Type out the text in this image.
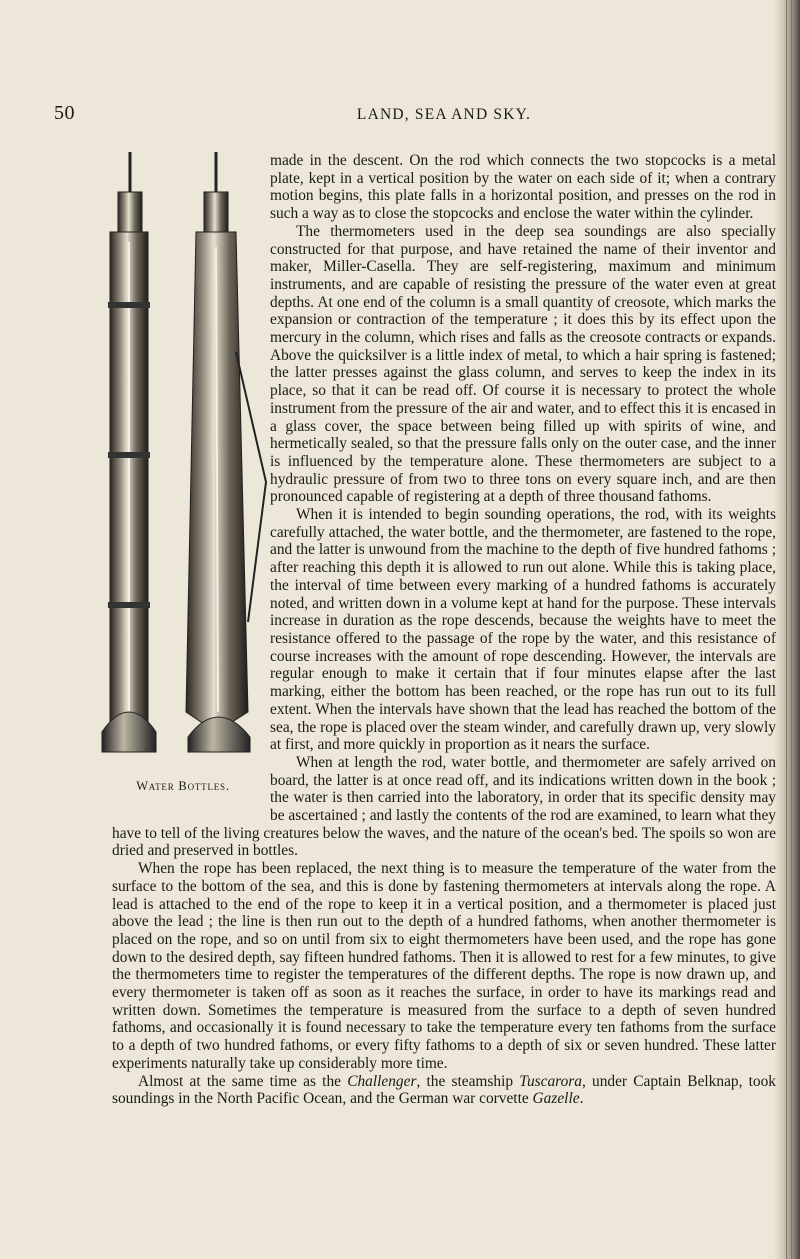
50	LAND, SEA AND SKY.
Water Bottles.

made in the descent. On the rod which connects the two stopcocks is a metal plate, kept in a vertical position by the water on each side of it; when a contrary motion begins, this plate falls in a horizontal position, and presses on the rod in such a way as to close the stopcocks and enclose the water within the cylinder.

The thermometers used in the deep sea soundings are also specially constructed for that purpose, and have retained the name of their inventor and maker, Miller-Casella. They are self-registering, maximum and minimum instruments, and are capable of resisting the pressure of the water even at great depths. At one end of the column is a small quantity of creosote, which marks the expansion or contraction of the temperature ; it does this by its effect upon the mercury in the column, which rises and falls as the creosote contracts or expands. Above the quicksilver is a little index of metal, to which a hair spring is fastened; the latter presses against the glass column, and serves to keep the index in its place, so that it can be read off. Of course it is necessary to protect the whole instrument from the pressure of the air and water, and to effect this it is encased in a glass cover, the space between being filled up with spirits of wine, and hermetically sealed, so that the pressure falls only on the outer case, and the inner is influenced by the temperature alone. These thermometers are subject to a hydraulic pressure of from two to three tons on every square inch, and are then pronounced capable of registering at a depth of three thousand fathoms.

When it is intended to begin sounding operations, the rod, with its weights carefully attached, the water bottle, and the thermometer, are fastened to the rope, and the latter is unwound from the machine to the depth of five hundred fathoms ; after reaching this depth it is allowed to run out alone. While this is taking place, the interval of time between every marking of a hundred fathoms is accurately noted, and written down in a volume kept at hand for the purpose. These intervals increase in duration as the rope descends, because the weights have to meet the resistance offered to the passage of the rope by the water, and this resistance of course increases with the amount of rope descending. However, the intervals are regular enough to make it certain that if four minutes elapse after the last marking, either the bottom has been reached, or the rope has run out to its full extent. When the intervals have shown that the lead has reached the bottom of the sea, the rope is placed over the steam winder, and carefully drawn up, very slowly at first, and more quickly in proportion as it nears the surface.

When at length the rod, water bottle, and thermometer are safely arrived on board, the latter is at once read off, and its indications written down in the book ; the water is then carried into the laboratory, in order that its specific density may be ascertained ; and lastly the contents of the rod are examined, to learn what they have to tell of the living creatures below the waves, and the nature of the ocean's bed. The spoils so won are dried and preserved in bottles.

When the rope has been replaced, the next thing is to measure the temperature of the water from the surface to the bottom of the sea, and this is done by fastening thermometers at intervals along the rope. A lead is attached to the end of the rope to keep it in a vertical position, and a thermometer is placed just above the lead ; the line is then run out to the depth of a hundred fathoms, when another thermometer is placed on the rope, and so on until from six to eight thermometers have been used, and the rope has gone down to the desired depth, say fifteen hundred fathoms. Then it is allowed to rest for a few minutes, to give the thermometers time to register the temperatures of the different depths. The rope is now drawn up, and every thermometer is taken off as soon as it reaches the surface, in order to have its markings read and written down. Sometimes the temperature is measured from the surface to a depth of seven hundred fathoms, and occasionally it is found necessary to take the temperature every ten fathoms from the surface to a depth of two hundred fathoms, or every fifty fathoms to a depth of six or seven hundred. These latter experiments naturally take up considerably more time.

Almost at the same time as the Challenger, the steamship Tuscarora, under Captain Belknap, took soundings in the North Pacific Ocean, and the German war corvette Gazelle.
